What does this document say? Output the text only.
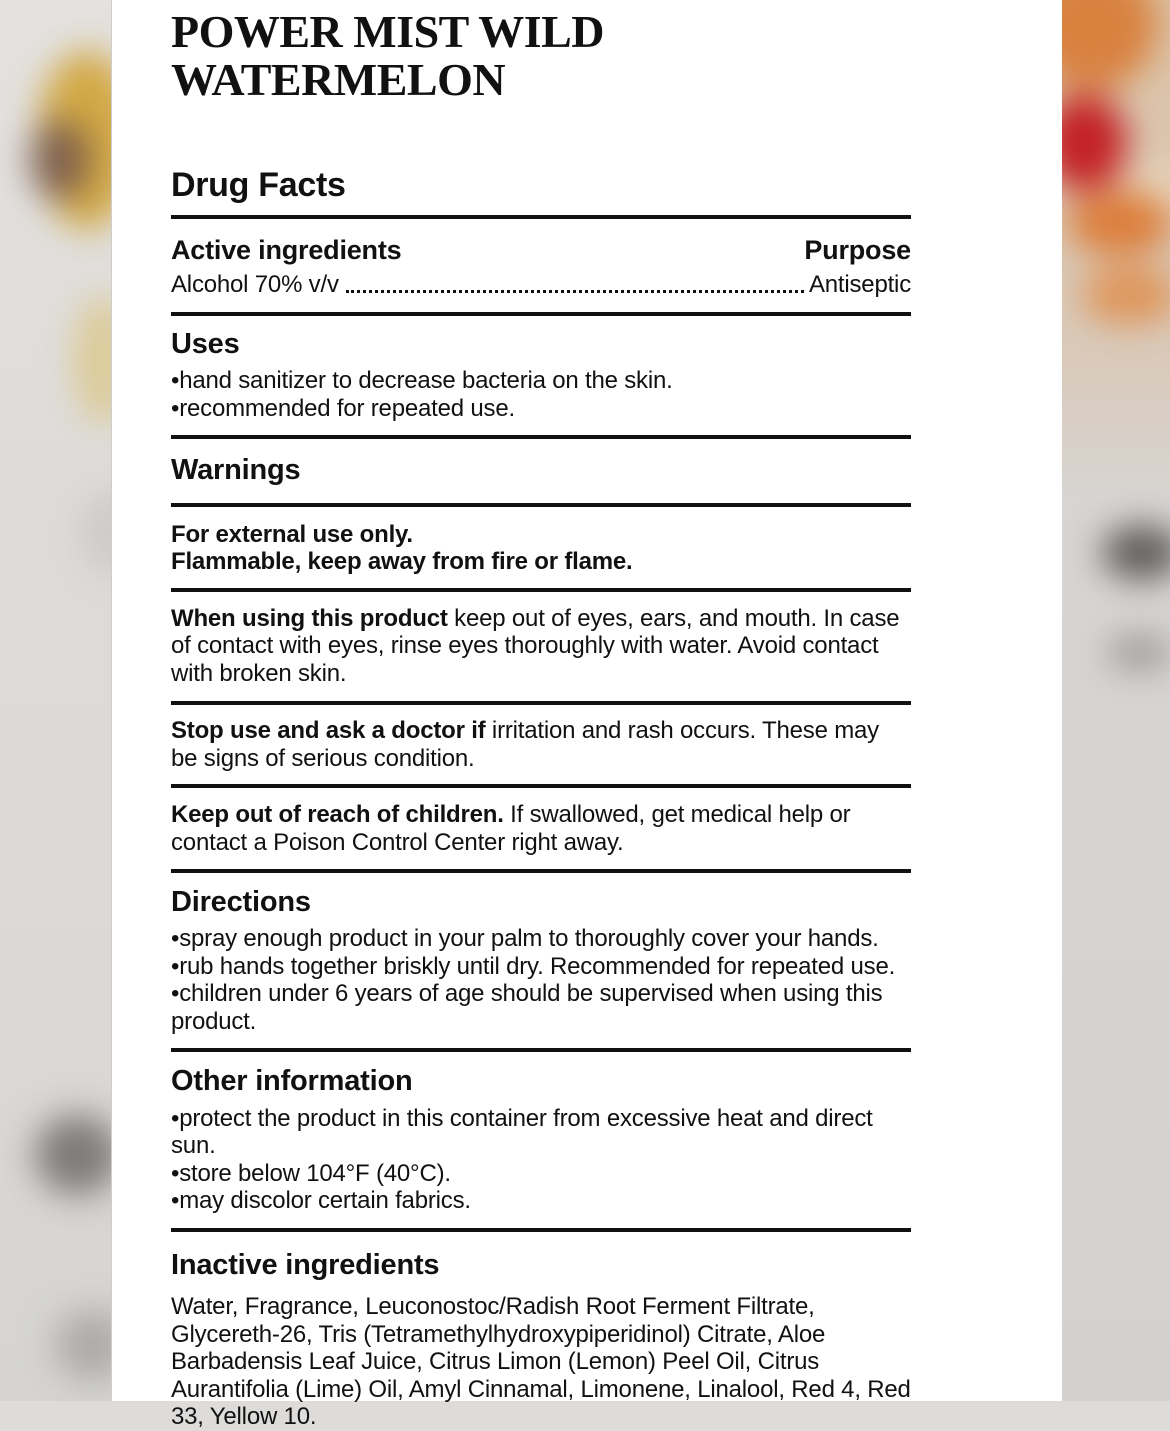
POWER MIST WILD WATERMELON
Drug Facts
Active ingredients	Purpose
Alcohol 70% v/v	Antiseptic
Uses
• hand sanitizer to decrease bacteria on the skin.
• recommended for repeated use.
Warnings

For external use only.

Flammable, keep away from fire or flame.

When using this product keep out of eyes, ears, and mouth. In case of contact with eyes, rinse eyes thoroughly with water. Avoid contact with broken skin.

Stop use and ask a doctor if irritation and rash occurs. These may be signs of serious condition.

Keep out of reach of children. If swallowed, get medical help or contact a Poison Control Center right away.

Directions
• spray enough product in your palm to thoroughly cover your hands.
• rub hands together briskly until dry. Recommended for repeated use.
• children under 6 years of age should be supervised when using this product.
Other information
• protect the product in this container from excessive heat and direct sun.
• store below 104°F (40°C).
• may discolor certain fabrics.
Inactive ingredients

Water, Fragrance, Leuconostoc/Radish Root Ferment Filtrate, Glycereth-26, Tris (Tetramethylhydroxypiperidinol) Citrate, Aloe Barbadensis Leaf Juice, Citrus Limon (Lemon) Peel Oil, Citrus Aurantifolia (Lime) Oil, Amyl Cinnamal, Limonene, Linalool, Red 4, Red 33, Yellow 10.
